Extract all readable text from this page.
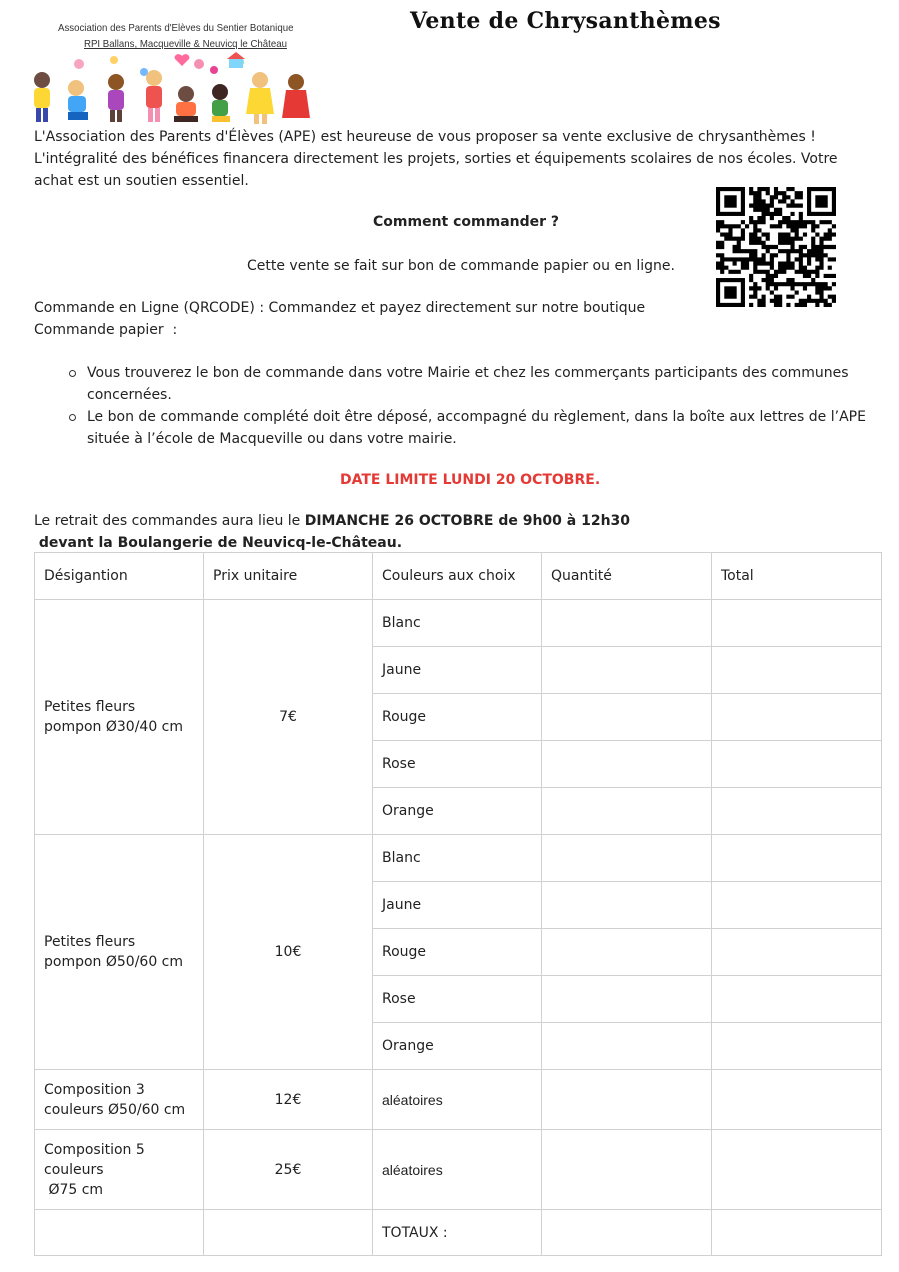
Association des Parents d'Elèves du Sentier Botanique
RPI Ballans, Macqueville & Neuvicq le Château
Vente de Chrysanthèmes
L'Association des Parents d'Élèves (APE) est heureuse de vous proposer sa vente exclusive de chrysanthèmes !
L'intégralité des bénéfices financera directement les projets, sorties et équipements scolaires de nos écoles. Votre
achat est un soutien essentiel.
Comment commander ?
Cette vente se fait sur bon de commande papier ou en ligne.
Commande en Ligne (QRCODE) : Commandez et payez directement sur notre boutique
Commande papier  :
Vous trouverez le bon de commande dans votre Mairie et chez les commerçants participants des communes concernées.
Le bon de commande complété doit être déposé, accompagné du règlement, dans la boîte aux lettres de l’APE située à l’école de Macqueville ou dans votre mairie.
DATE LIMITE LUNDI 20 OCTOBRE.
Le retrait des commandes aura lieu le DIMANCHE 26 OCTOBRE de 9h00 à 12h30
devant la Boulangerie de Neuvicq-le-Château.
Désigantion	Prix unitaire	Couleurs aux choix	Quantité	Total
Petites fleurs pompon Ø30/40 cm	7€	Blanc		
		Jaune		
		Rouge		
		Rose		
		Orange		
Petites fleurs pompon Ø50/60 cm	10€	Blanc		
		Jaune		
		Rouge		
		Rose		
		Orange		
Composition 3 couleurs Ø50/60 cm	12€	aléatoires		

Composition 5
couleurs
Ø75 cm	25€	aléatoires		
		TOTAUX :		
